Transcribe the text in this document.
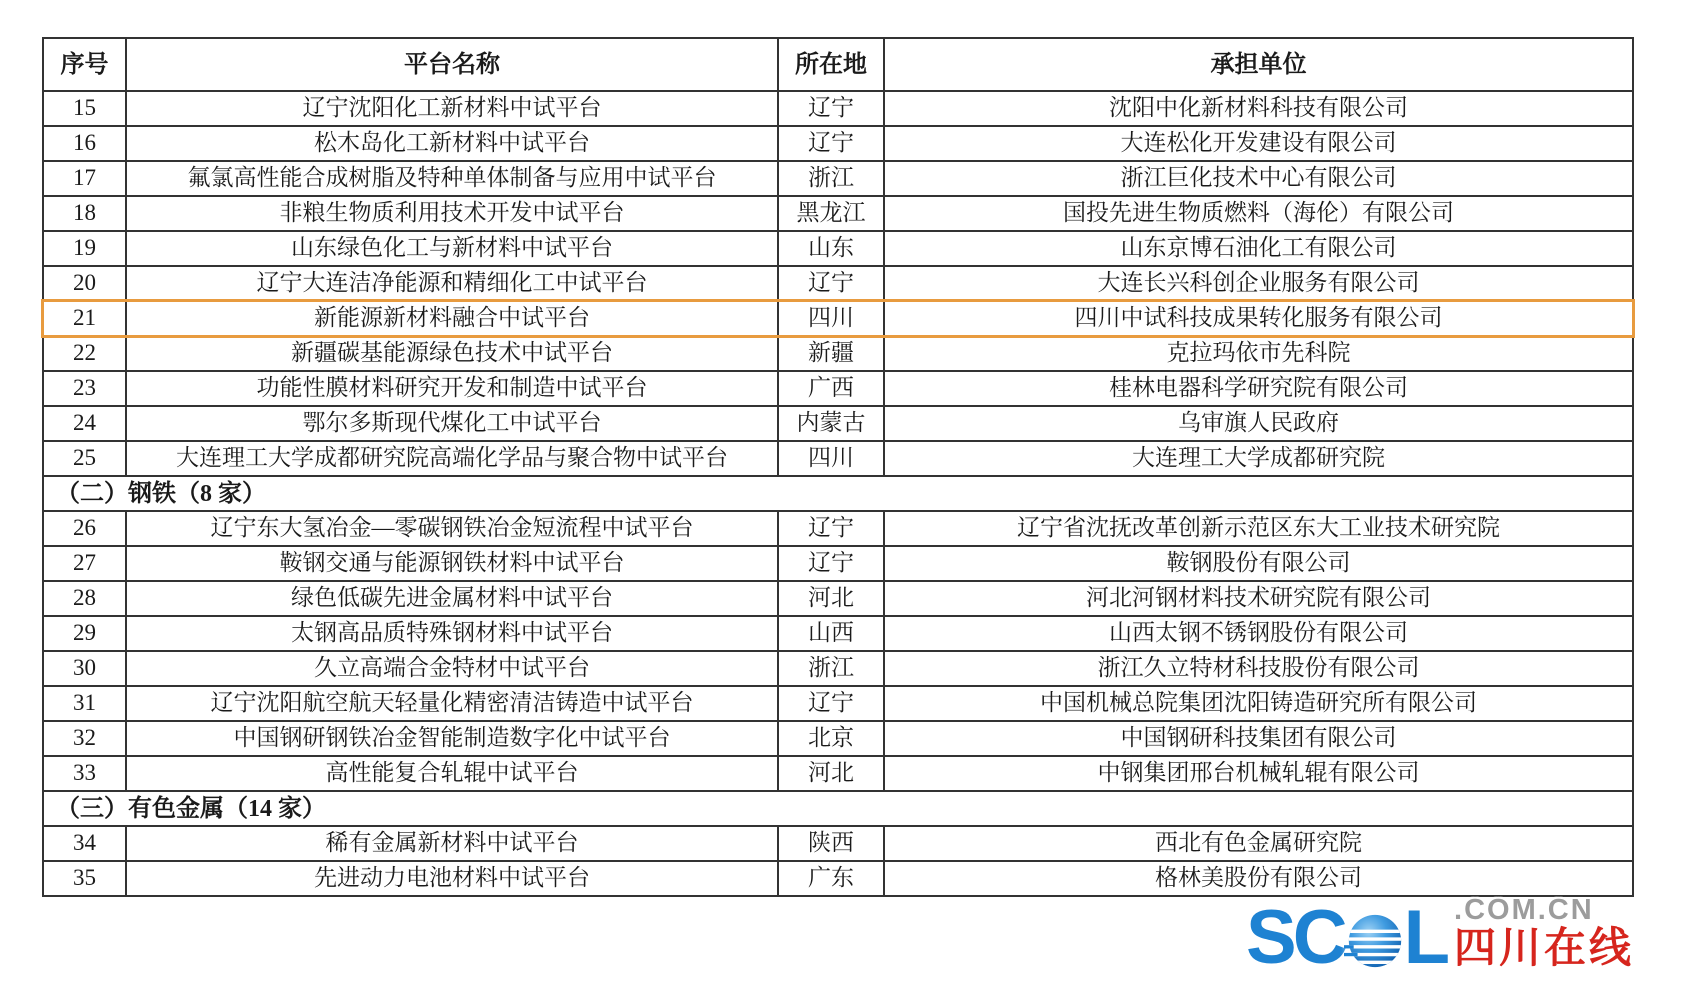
序号	平台名称	所在地	承担单位
15	辽宁沈阳化工新材料中试平台	辽宁	沈阳中化新材料科技有限公司
16	松木岛化工新材料中试平台	辽宁	大连松化开发建设有限公司
17	氟氯高性能合成树脂及特种单体制备与应用中试平台	浙江	浙江巨化技术中心有限公司
18	非粮生物质利用技术开发中试平台	黑龙江	国投先进生物质燃料（海伦）有限公司
19	山东绿色化工与新材料中试平台	山东	山东京博石油化工有限公司
20	辽宁大连洁净能源和精细化工中试平台	辽宁	大连长兴科创企业服务有限公司
21	新能源新材料融合中试平台	四川	四川中试科技成果转化服务有限公司
22	新疆碳基能源绿色技术中试平台	新疆	克拉玛依市先科院
23	功能性膜材料研究开发和制造中试平台	广西	桂林电器科学研究院有限公司
24	鄂尔多斯现代煤化工中试平台	内蒙古	乌审旗人民政府
25	大连理工大学成都研究院高端化学品与聚合物中试平台	四川	大连理工大学成都研究院
（二）钢铁（8 家）			
26	辽宁东大氢冶金—零碳钢铁冶金短流程中试平台	辽宁	辽宁省沈抚改革创新示范区东大工业技术研究院
27	鞍钢交通与能源钢铁材料中试平台	辽宁	鞍钢股份有限公司
28	绿色低碳先进金属材料中试平台	河北	河北河钢材料技术研究院有限公司
29	太钢高品质特殊钢材料中试平台	山西	山西太钢不锈钢股份有限公司
30	久立高端合金特材中试平台	浙江	浙江久立特材科技股份有限公司
31	辽宁沈阳航空航天轻量化精密清洁铸造中试平台	辽宁	中国机械总院集团沈阳铸造研究所有限公司
32	中国钢研钢铁冶金智能制造数字化中试平台	北京	中国钢研科技集团有限公司
33	高性能复合轧辊中试平台	河北	中钢集团邢台机械轧辊有限公司
（三）有色金属（14 家）			
34	稀有金属新材料中试平台	陕西	西北有色金属研究院
35	先进动力电池材料中试平台	广东	格林美股份有限公司
SC L .COM.CN
四川在线
